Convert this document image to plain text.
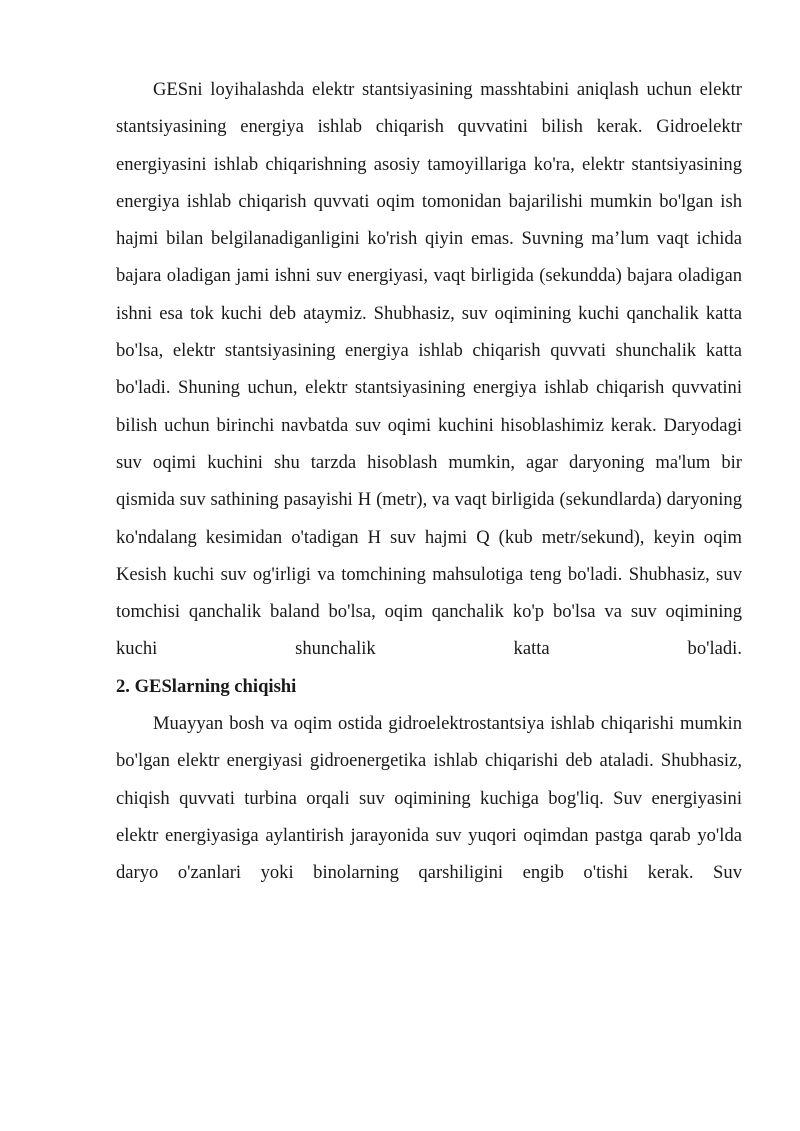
GESni loyihalashda elektr stantsiyasining masshtabini aniqlash uchun elektr stantsiyasining energiya ishlab chiqarish quvvatini bilish kerak. Gidroelektr energiyasini ishlab chiqarishning asosiy tamoyillariga ko'ra, elektr stantsiyasining energiya ishlab chiqarish quvvati oqim tomonidan bajarilishi mumkin bo'lgan ish hajmi bilan belgilanadiganligini ko'rish qiyin emas. Suvning ma’lum vaqt ichida bajara oladigan jami ishni suv energiyasi, vaqt birligida (sekundda) bajara oladigan ishni esa tok kuchi deb ataymiz. Shubhasiz, suv oqimining kuchi qanchalik katta bo'lsa, elektr stantsiyasining energiya ishlab chiqarish quvvati shunchalik katta bo'ladi. Shuning uchun, elektr stantsiyasining energiya ishlab chiqarish quvvatini bilish uchun birinchi navbatda suv oqimi kuchini hisoblashimiz kerak. Daryodagi suv oqimi kuchini shu tarzda hisoblash mumkin, agar daryoning ma'lum bir qismida suv sathining pasayishi H (metr), va vaqt birligida (sekundlarda) daryoning ko'ndalang kesimidan o'tadigan H suv hajmi Q (kub metr/sekund), keyin oqim Kesish kuchi suv og'irligi va tomchining mahsulotiga teng bo'ladi. Shubhasiz, suv tomchisi qanchalik baland bo'lsa, oqim qanchalik ko'p bo'lsa va suv oqimining kuchi shunchalik katta bo'ladi.

2. GESlarning chiqishi

Muayyan bosh va oqim ostida gidroelektrostantsiya ishlab chiqarishi mumkin bo'lgan elektr energiyasi gidroenergetika ishlab chiqarishi deb ataladi. Shubhasiz, chiqish quvvati turbina orqali suv oqimining kuchiga bog'liq. Suv energiyasini elektr energiyasiga aylantirish jarayonida suv yuqori oqimdan pastga qarab yo'lda daryo o'zanlari yoki binolarning qarshiligini engib o'tishi kerak. Suv
